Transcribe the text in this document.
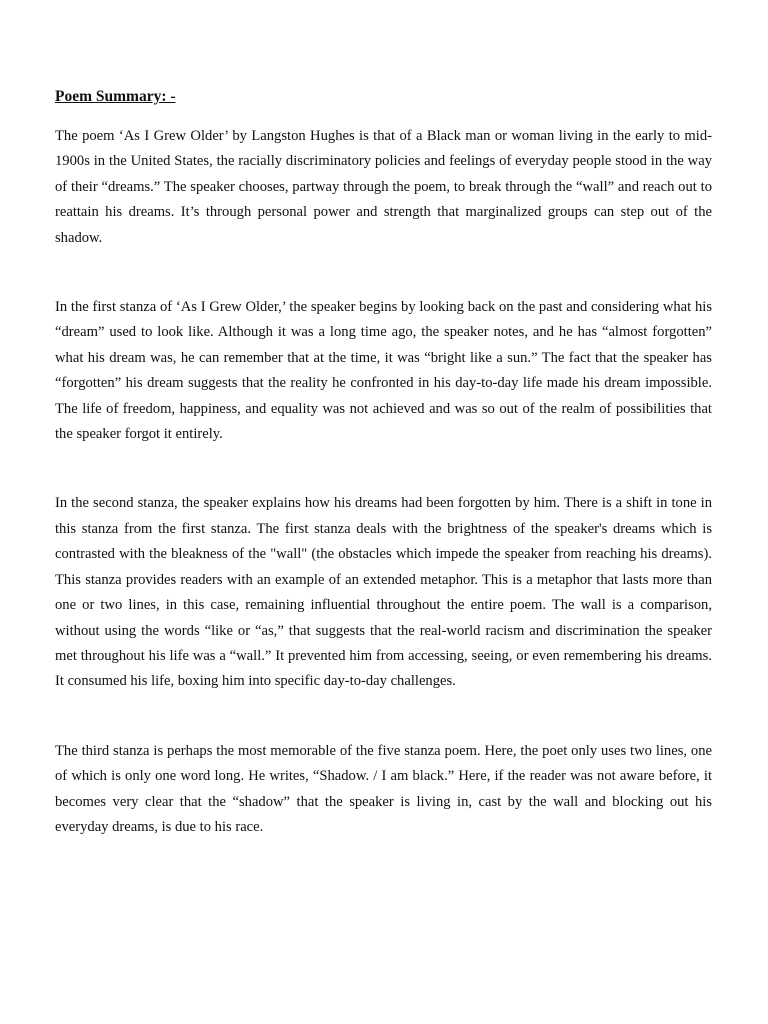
Poem Summary: -

The poem ‘As I Grew Older’ by Langston Hughes is that of a Black man or woman living in the early to mid-1900s in the United States, the racially discriminatory policies and feelings of everyday people stood in the way of their “dreams.” The speaker chooses, partway through the poem, to break through the “wall” and reach out to reattain his dreams. It’s through personal power and strength that marginalized groups can step out of the shadow.

In the first stanza of ‘As I Grew Older,’ the speaker begins by looking back on the past and considering what his “dream” used to look like. Although it was a long time ago, the speaker notes, and he has “almost forgotten” what his dream was, he can remember that at the time, it was “bright like a sun.” The fact that the speaker has “forgotten” his dream suggests that the reality he confronted in his day-to-day life made his dream impossible. The life of freedom, happiness, and equality was not achieved and was so out of the realm of possibilities that the speaker forgot it entirely.

In the second stanza, the speaker explains how his dreams had been forgotten by him. There is a shift in tone in this stanza from the first stanza. The first stanza deals with the brightness of the speaker's dreams which is contrasted with the bleakness of the "wall" (the obstacles which impede the speaker from reaching his dreams). This stanza provides readers with an example of an extended metaphor. This is a metaphor that lasts more than one or two lines, in this case, remaining influential throughout the entire poem. The wall is a comparison, without using the words “like or “as,” that suggests that the real-world racism and discrimination the speaker met throughout his life was a “wall.” It prevented him from accessing, seeing, or even remembering his dreams. It consumed his life, boxing him into specific day-to-day challenges.

The third stanza is perhaps the most memorable of the five stanza poem. Here, the poet only uses two lines, one of which is only one word long. He writes, “Shadow. / I am black.” Here, if the reader was not aware before, it becomes very clear that the “shadow” that the speaker is living in, cast by the wall and blocking out his everyday dreams, is due to his race.
